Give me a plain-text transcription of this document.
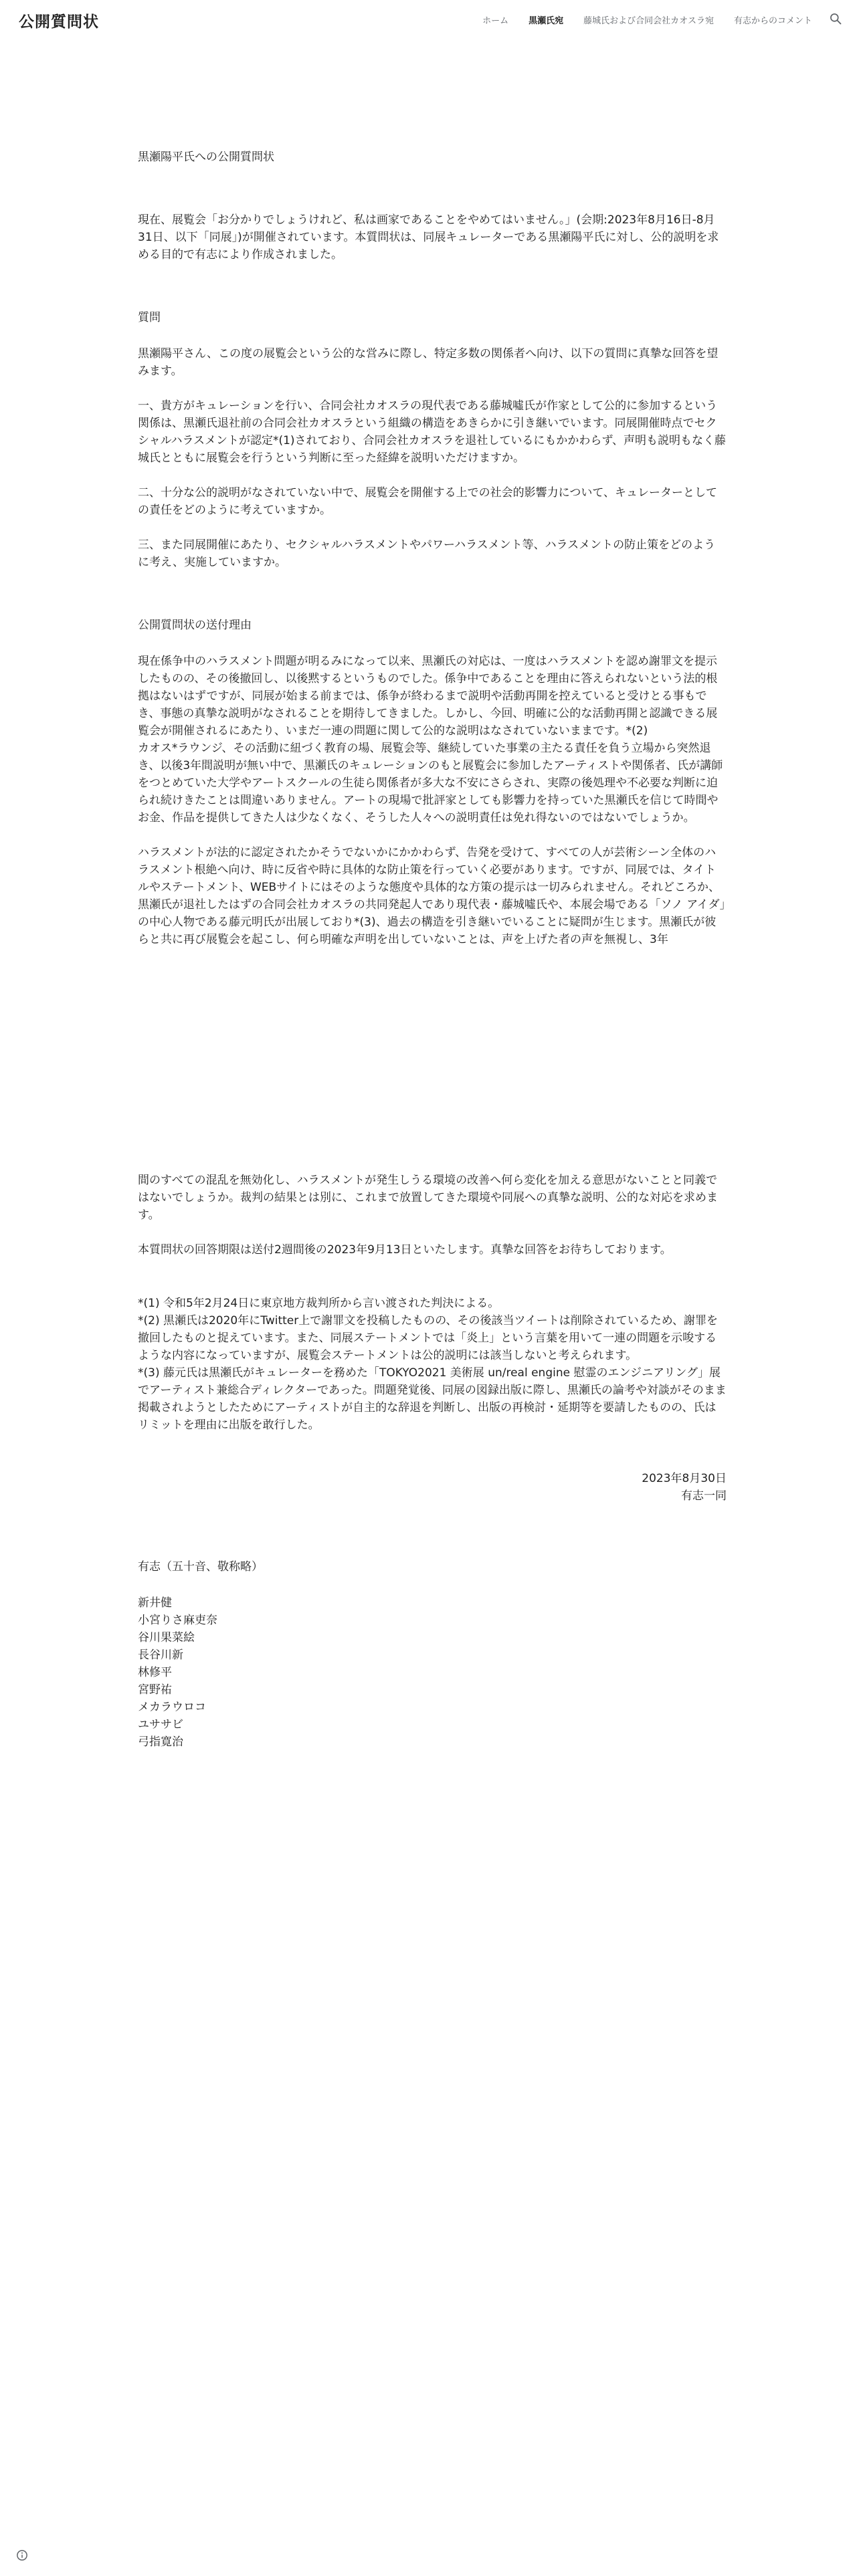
公開質問状	ホーム 黒瀬氏宛 藤城氏および合同会社カオスラ宛 有志からのコメント

黒瀬陽平氏への公開質問状

現在、展覧会「お分かりでしょうけれど、私は画家であることをやめてはいません。」(会期:2023年8月16日-8月31日、以下「同展」)が開催されています。本質問状は、同展キュレーターである黒瀬陽平氏に対し、公的説明を求める目的で有志により作成されました。

質問

黒瀬陽平さん、この度の展覧会という公的な営みに際し、特定多数の関係者へ向け、以下の質問に真摯な回答を望みます。

一、貴方がキュレーションを行い、合同会社カオスラの現代表である藤城噓氏が作家として公的に参加するという関係は、黒瀬氏退社前の合同会社カオスラという組織の構造をあきらかに引き継いでいます。同展開催時点でセクシャルハラスメントが認定*(1)されており、合同会社カオスラを退社しているにもかかわらず、声明も説明もなく藤城氏とともに展覧会を行うという判断に至った経緯を説明いただけますか。

二、十分な公的説明がなされていない中で、展覧会を開催する上での社会的影響力について、キュレーターとしての責任をどのように考えていますか。

三、また同展開催にあたり、セクシャルハラスメントやパワーハラスメント等、ハラスメントの防止策をどのように考え、実施していますか。

公開質問状の送付理由

現在係争中のハラスメント問題が明るみになって以来、黒瀬氏の対応は、一度はハラスメントを認め謝罪文を提示したものの、その後撤回し、以後黙するというものでした。係争中であることを理由に答えられないという法的根拠はないはずですが、同展が始まる前までは、係争が終わるまで説明や活動再開を控えていると受けとる事もでき、事態の真摯な説明がなされることを期待してきました。しかし、今回、明確に公的な活動再開と認識できる展覧会が開催されるにあたり、いまだ一連の問題に関して公的な説明はなされていないままです。*(2)

カオス*ラウンジ、その活動に紐づく教育の場、展覧会等、継続していた事業の主たる責任を負う立場から突然退き、以後3年間説明が無い中で、黒瀬氏のキュレーションのもと展覧会に参加したアーティストや関係者、氏が講師をつとめていた大学やアートスクールの生徒ら関係者が多大な不安にさらされ、実際の後処理や不必要な判断に迫られ続けきたことは間違いありません。アートの現場で批評家としても影響力を持っていた黒瀬氏を信じて時間やお金、作品を提供してきた人は少なくなく、そうした人々への説明責任は免れ得ないのではないでしょうか。

ハラスメントが法的に認定されたかそうでないかにかかわらず、告発を受けて、すべての人が芸術シーン全体のハラスメント根絶へ向け、時に反省や時に具体的な防止策を行っていく必要があります。ですが、同展では、タイトルやステートメント、WEBサイトにはそのような態度や具体的な方策の提示は一切みられません。それどころか、黒瀬氏が退社したはずの合同会社カオスラの共同発起人であり現代表・藤城噓氏や、本展会場である「ソノ アイダ」の中心人物である藤元明氏が出展しており*(3)、過去の構造を引き継いでいることに疑問が生じます。黒瀬氏が彼らと共に再び展覧会を起こし、何ら明確な声明を出していないことは、声を上げた者の声を無視し、3年

間のすべての混乱を無効化し、ハラスメントが発生しうる環境の改善へ何ら変化を加える意思がないことと同義ではないでしょうか。裁判の結果とは別に、これまで放置してきた環境や同展への真摯な説明、公的な対応を求めます。

本質問状の回答期限は送付2週間後の2023年9月13日といたします。真摯な回答をお待ちしております。

*(1) 令和5年2月24日に東京地方裁判所から言い渡された判決による。

*(2) 黒瀬氏は2020年にTwitter上で謝罪文を投稿したものの、その後該当ツイートは削除されているため、謝罪を撤回したものと捉えています。また、同展ステートメントでは「炎上」という言葉を用いて一連の問題を示唆するような内容になっていますが、展覧会ステートメントは公的説明には該当しないと考えられます。

*(3) 藤元氏は黒瀬氏がキュレーターを務めた「TOKYO2021 美術展 un/real engine 慰霊のエンジニアリング」展でアーティスト兼総合ディレクターであった。問題発覚後、同展の図録出版に際し、黒瀬氏の論考や対談がそのまま掲載されようとしたためにアーティストが自主的な辞退を判断し、出版の再検討・延期等を要請したものの、氏はリミットを理由に出版を敢行した。

2023年8月30日

有志一同

有志（五十音、敬称略）

新井健

小宮りさ麻吏奈

谷川果菜絵

長谷川新

林修平

宮野祐

メカラウロコ

ユササビ

弓指寛治
